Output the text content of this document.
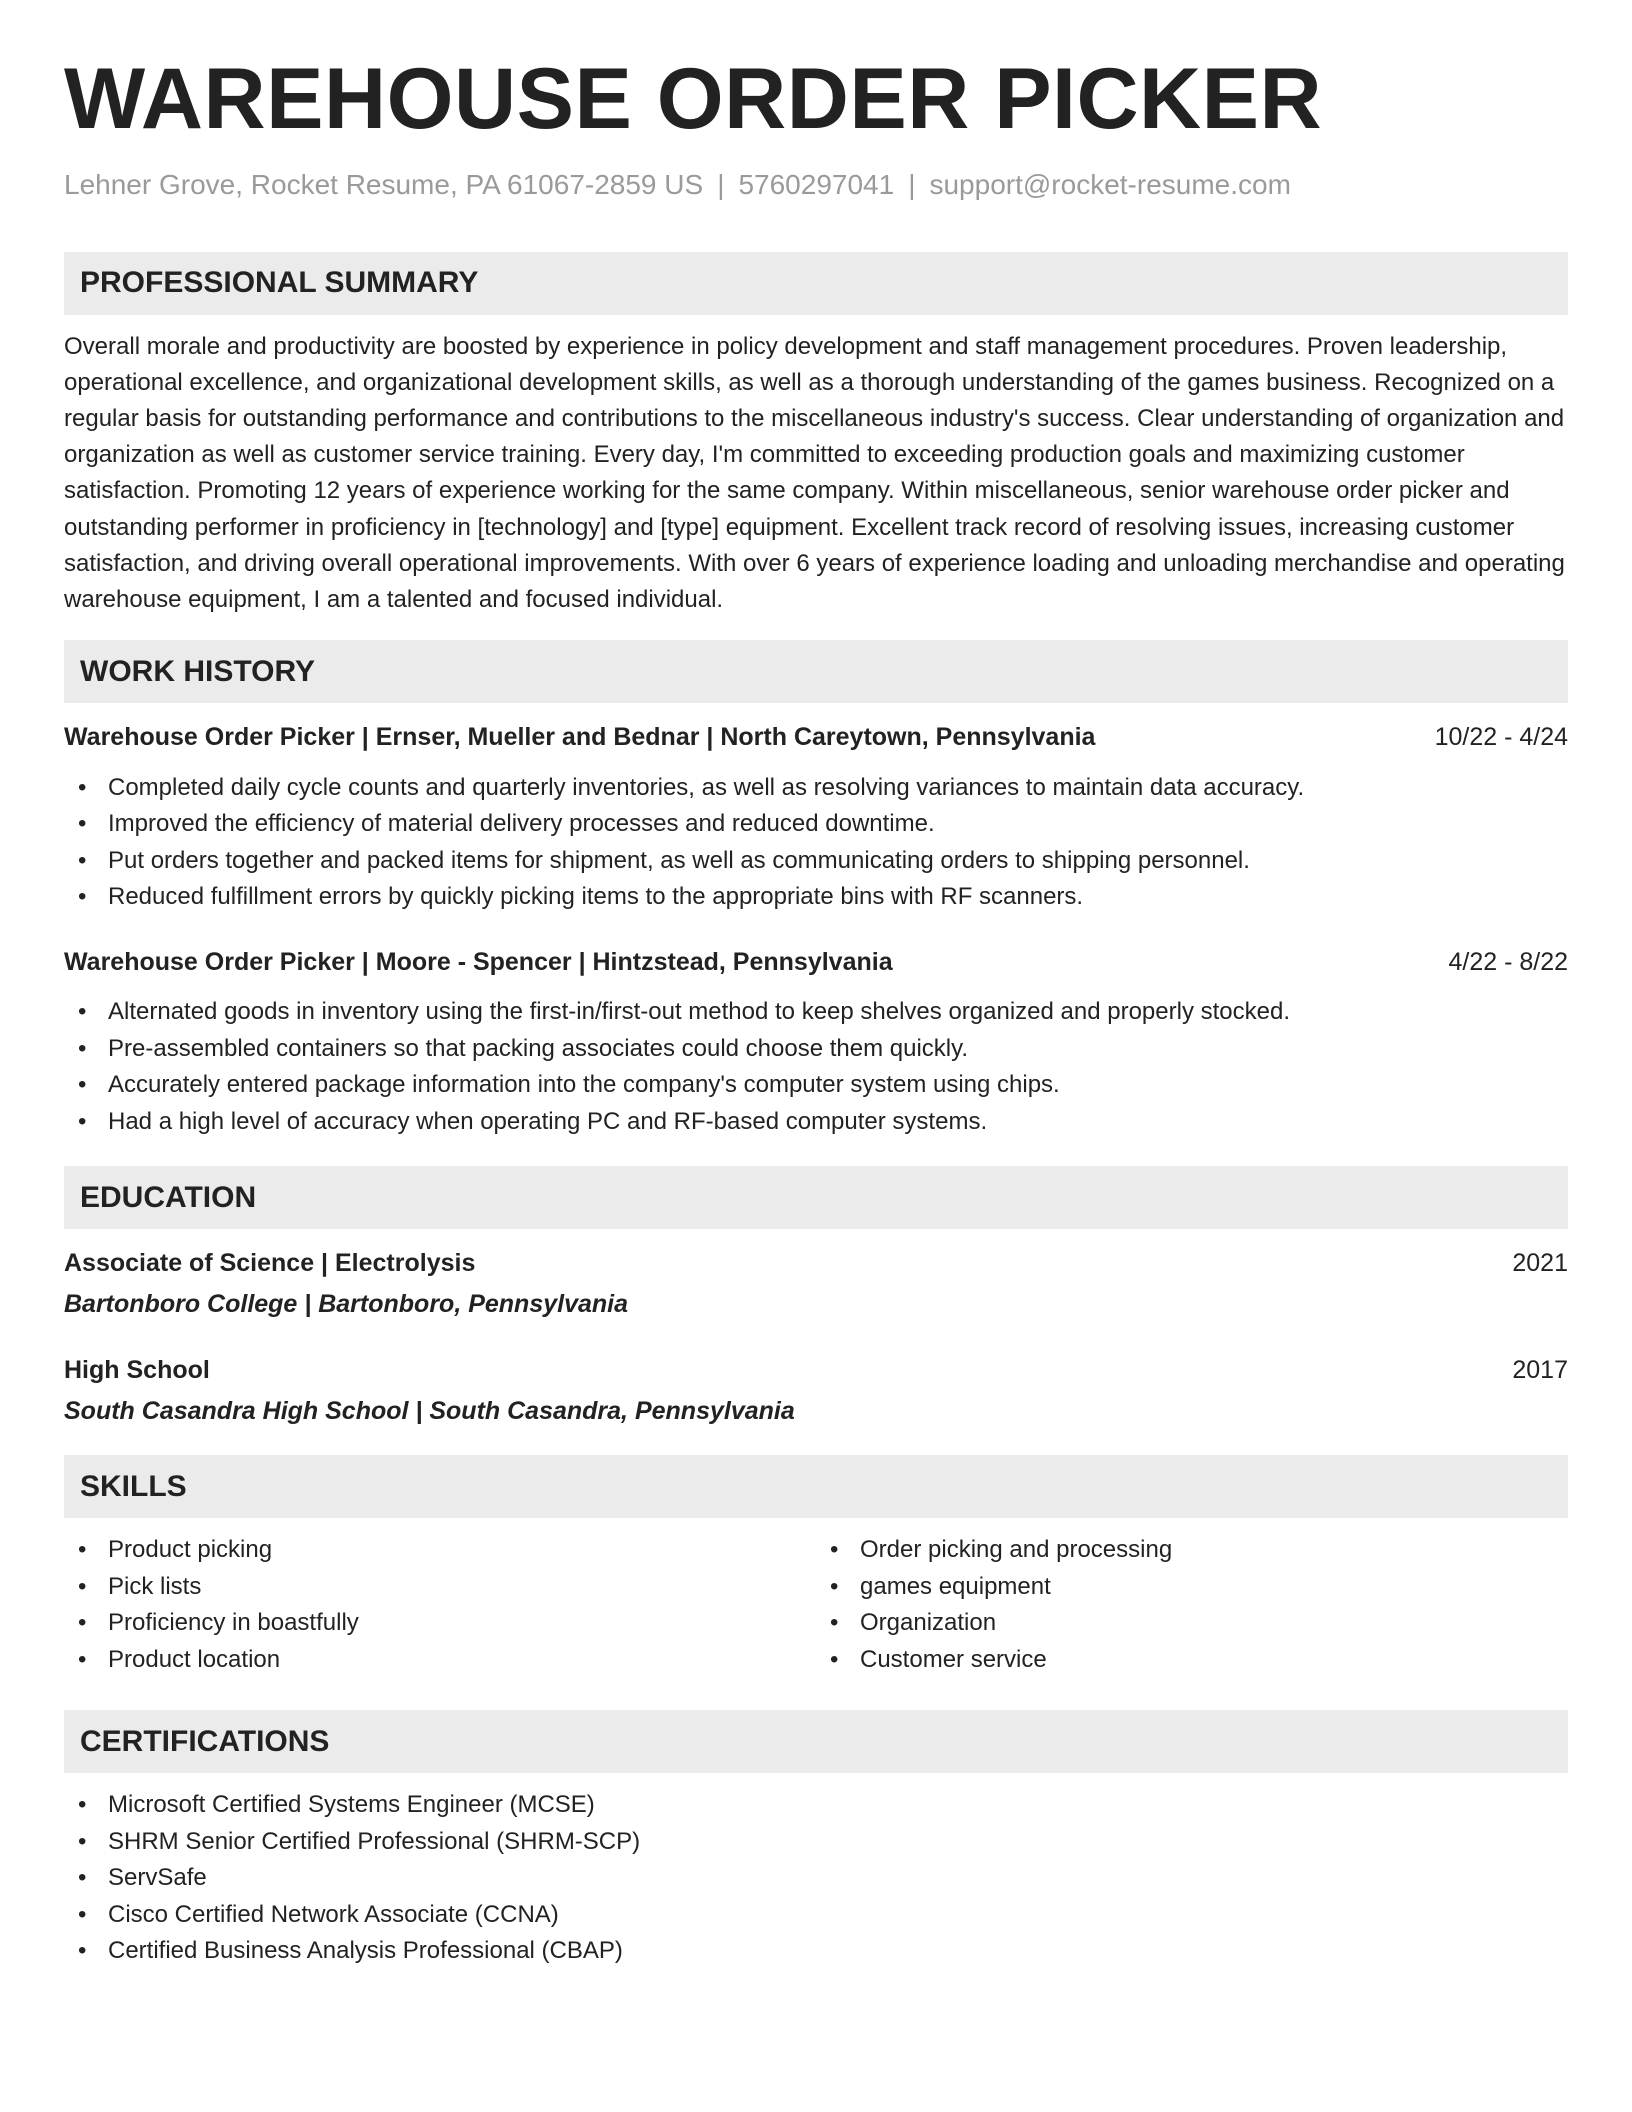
WAREHOUSE ORDER PICKER
Lehner Grove, Rocket Resume, PA 61067-2859 US | 5760297041 | support@rocket-resume.com
PROFESSIONAL SUMMARY
Overall morale and productivity are boosted by experience in policy development and staff management procedures. Proven leadership, operational excellence, and organizational development skills, as well as a thorough understanding of the games business. Recognized on a regular basis for outstanding performance and contributions to the miscellaneous industry's success. Clear understanding of organization and organization as well as customer service training. Every day, I'm committed to exceeding production goals and maximizing customer satisfaction. Promoting 12 years of experience working for the same company. Within miscellaneous, senior warehouse order picker and outstanding performer in proficiency in [technology] and [type] equipment. Excellent track record of resolving issues, increasing customer satisfaction, and driving overall operational improvements. With over 6 years of experience loading and unloading merchandise and operating warehouse equipment, I am a talented and focused individual.
WORK HISTORY
Warehouse Order Picker | Ernser, Mueller and Bednar | North Careytown, Pennsylvania	10/22 - 4/24
• Completed daily cycle counts and quarterly inventories, as well as resolving variances to maintain data accuracy.
• Improved the efficiency of material delivery processes and reduced downtime.
• Put orders together and packed items for shipment, as well as communicating orders to shipping personnel.
• Reduced fulfillment errors by quickly picking items to the appropriate bins with RF scanners.
Warehouse Order Picker | Moore - Spencer | Hintzstead, Pennsylvania	4/22 - 8/22
• Alternated goods in inventory using the first-in/first-out method to keep shelves organized and properly stocked.
• Pre-assembled containers so that packing associates could choose them quickly.
• Accurately entered package information into the company's computer system using chips.
• Had a high level of accuracy when operating PC and RF-based computer systems.
EDUCATION
Associate of Science | Electrolysis	2021
Bartonboro College | Bartonboro, Pennsylvania
High School	2017
South Casandra High School | South Casandra, Pennsylvania
SKILLS
• Product picking
• Pick lists
• Proficiency in boastfully
• Product location
• Order picking and processing
• games equipment
• Organization
• Customer service
CERTIFICATIONS
• Microsoft Certified Systems Engineer (MCSE)
• SHRM Senior Certified Professional (SHRM-SCP)
• ServSafe
• Cisco Certified Network Associate (CCNA)
• Certified Business Analysis Professional (CBAP)
